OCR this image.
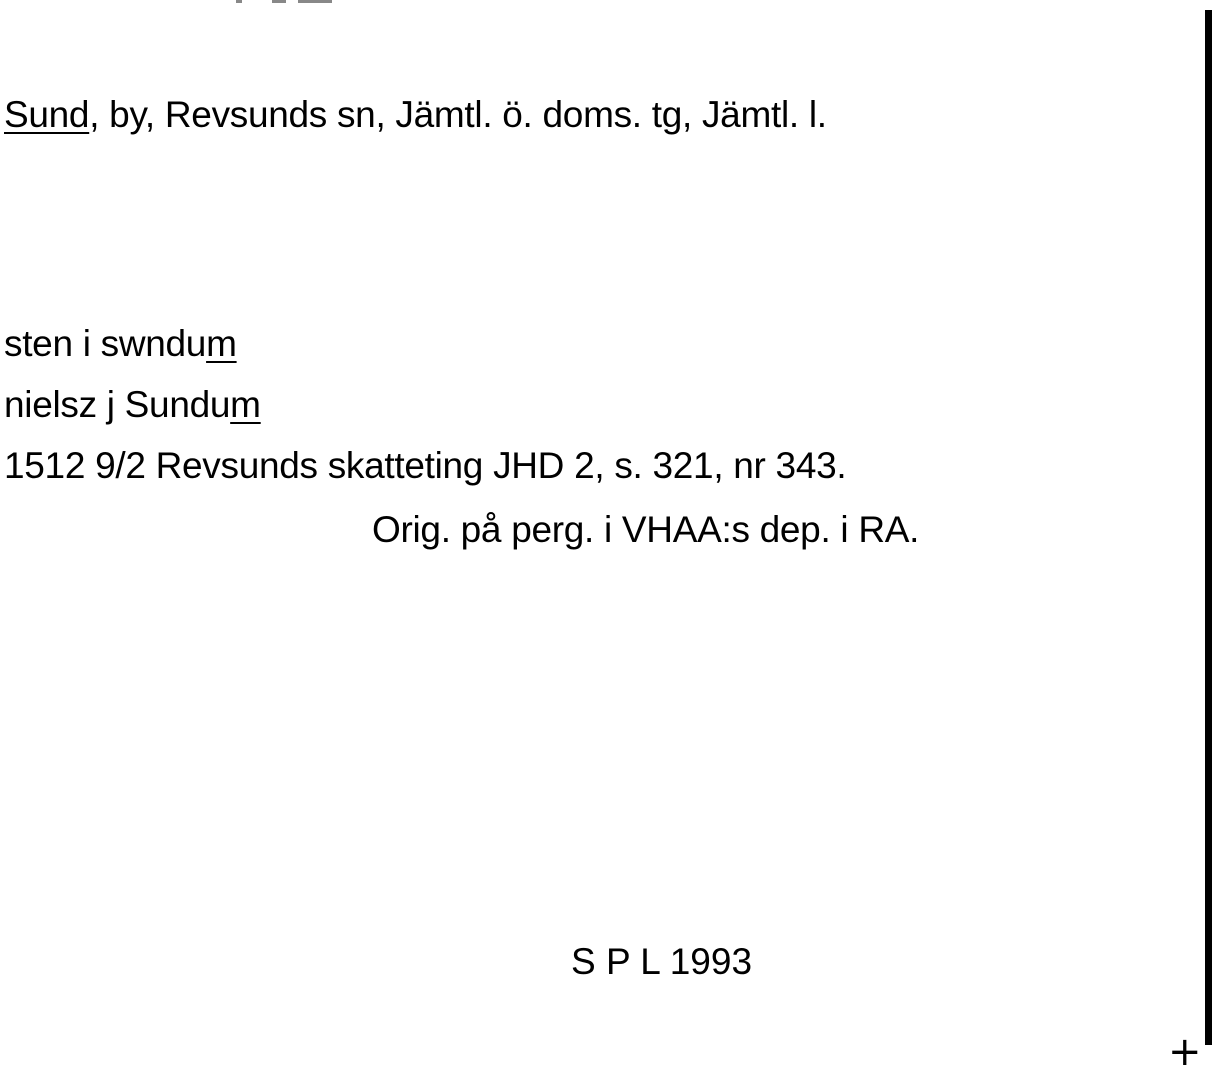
Sund, by, Revsunds sn, Jämtl. ö. doms. tg, Jämtl. l.
sten i swndum
nielsz j Sundum
1512 9/2 Revsunds skatteting JHD 2, s. 321, nr 343.
Orig. på perg. i VHAA:s dep. i RA.
S P L 1993
+
